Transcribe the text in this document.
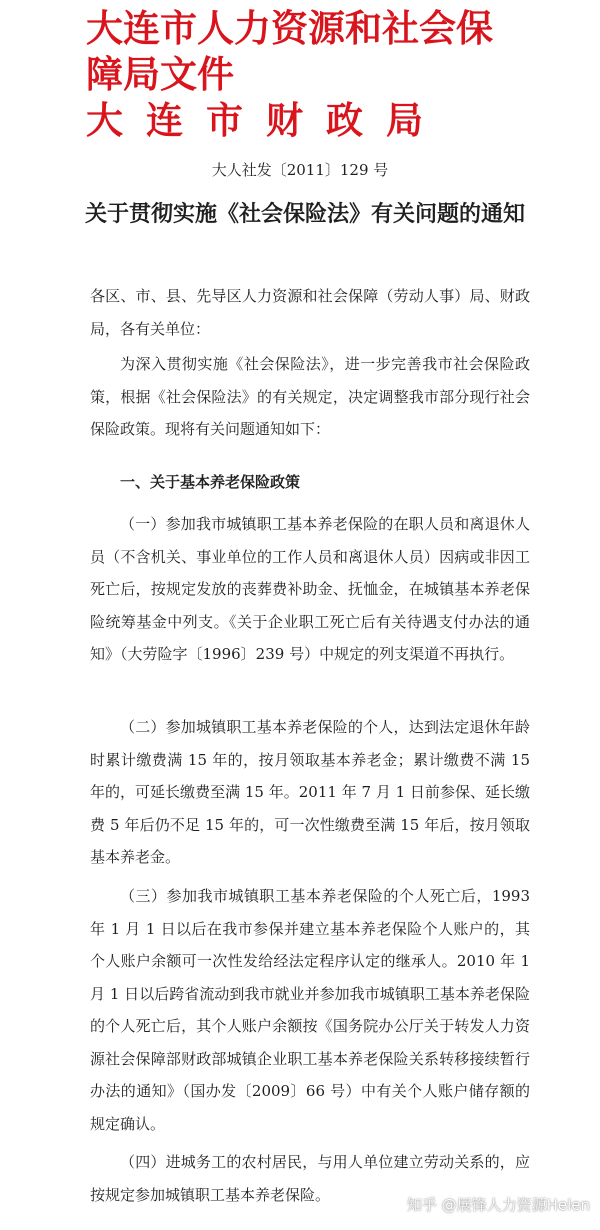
大连市人力资源和社会保
障局文件
大连市财政局

大人社发〔2011〕129 号

关于贯彻实施《社会保险法》有关问题的通知

各区、市、县、先导区人力资源和社会保障（劳动人事）局、财政局，各有关单位：

为深入贯彻实施《社会保险法》，进一步完善我市社会保险政策，根据《社会保险法》的有关规定，决定调整我市部分现行社会保险政策。现将有关问题通知如下：

一、关于基本养老保险政策

（一）参加我市城镇职工基本养老保险的在职人员和离退休人员（不含机关、事业单位的工作人员和离退休人员）因病或非因工死亡后，按规定发放的丧葬费补助金、抚恤金，在城镇基本养老保险统筹基金中列支。《关于企业职工死亡后有关待遇支付办法的通知》（大劳险字〔1996〕239 号）中规定的列支渠道不再执行。

（二）参加城镇职工基本养老保险的个人，达到法定退休年龄时累计缴费满 15 年的，按月领取基本养老金；累计缴费不满 15 年的，可延长缴费至满 15 年。2011 年 7 月 1 日前参保、延长缴费 5 年后仍不足 15 年的，可一次性缴费至满 15 年后，按月领取基本养老金。

（三）参加我市城镇职工基本养老保险的个人死亡后，1993 年 1 月 1 日以后在我市参保并建立基本养老保险个人账户的，其个人账户余额可一次性发给经法定程序认定的继承人。2010 年 1 月 1 日以后跨省流动到我市就业并参加我市城镇职工基本养老保险的个人死亡后，其个人账户余额按《国务院办公厅关于转发人力资源社会保障部财政部城镇企业职工基本养老保险关系转移接续暂行办法的通知》（国办发〔2009〕66 号）中有关个人账户储存额的规定确认。

（四）进城务工的农村居民，与用人单位建立劳动关系的，应按规定参加城镇职工基本养老保险。

知乎 @展锋人力资源Helen
